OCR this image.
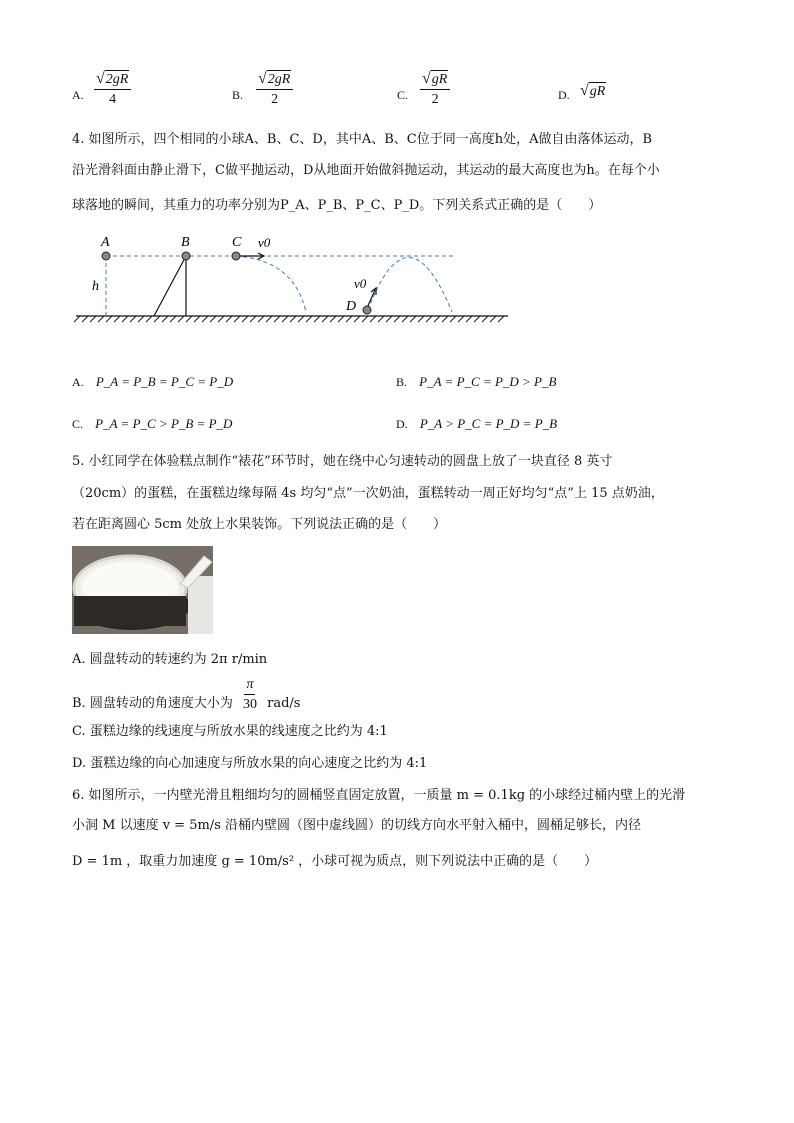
A. $\frac{√ 2gR}{4}$	B. $\frac{√ 2gR}{2}$	C. $\frac{√ gR}{2}$	D. √ gR
4. 如图所示，四个相同的小球A、B、C、D，其中A、B、C位于同一高度h处，A做自由落体运动，B
沿光滑斜面由静止滑下，C做平抛运动，D从地面开始做斜抛运动，其运动的最大高度也为h。在每个小
球落地的瞬间，其重力的功率分别为P_A、P_B、P_C、P_D。下列关系式正确的是（　　）
A	B	C v0
v0
D
h
A. P_A = P_B = P_C = P_D	B. P_A = P_C = P_D > P_B
C. P_A = P_C > P_B = P_D	D. P_A > P_C = P_D = P_B
5. 小红同学在体验糕点制作“裱花”环节时，她在绕中心匀速转动的圆盘上放了一块直径 8 英寸
（20cm）的蛋糕，在蛋糕边缘每隔 4s 均匀“点”一次奶油，蛋糕转动一周正好均匀“点”上 15 点奶油，
若在距离圆心 5cm 处放上水果装饰。下列说法正确的是（　　）
A. 圆盘转动的转速约为 2π r/min
B. 圆盘转动的角速度大小为 $\frac{\pi}{30} rad/s$
C. 蛋糕边缘的线速度与所放水果的线速度之比约为 4:1
D. 蛋糕边缘的向心加速度与所放水果的向心速度之比约为 4:1
6. 如图所示，一内壁光滑且粗细均匀的圆桶竖直固定放置，一质量 m = 0.1kg 的小球经过桶内壁上的光滑
小洞 M 以速度 v = 5m/s 沿桶内壁圆（图中虚线圆）的切线方向水平射入桶中，圆桶足够长，内径
D = 1m ，取重力加速度 g = 10m/s² ，小球可视为质点，则下列说法中正确的是（　　）
